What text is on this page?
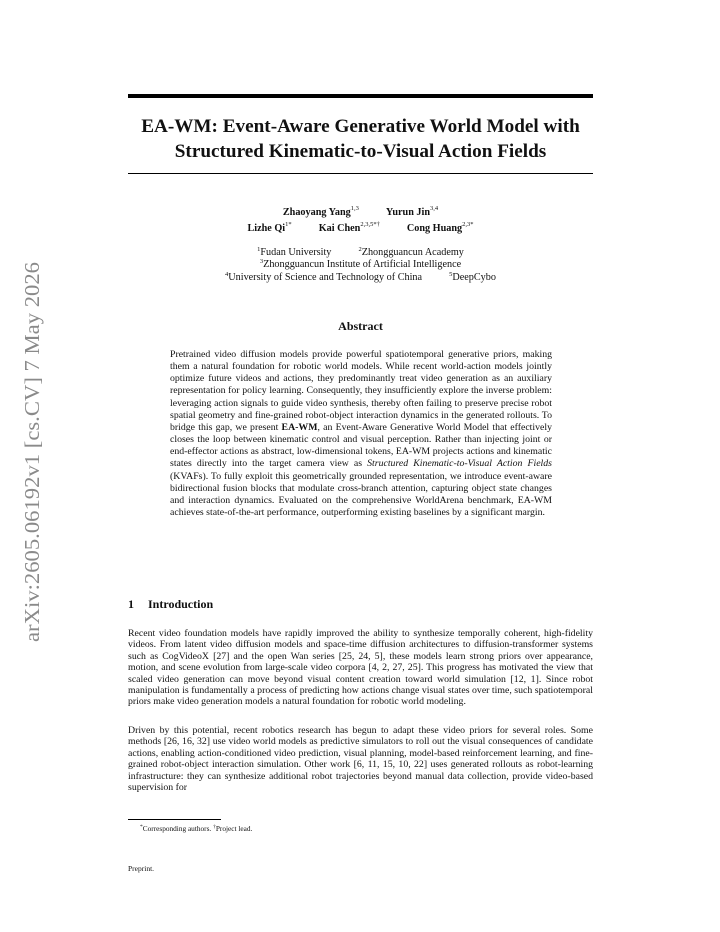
arXiv:2605.06192v1 [cs.CV] 7 May 2026
EA-WM: Event-Aware Generative World Model with
Structured Kinematic-to-Visual Action Fields
Zhaoyang Yang$^{1,3}$	Yurun Jin$^{3,4}$
Lizhe $Qi^{1*}$	Kai Chen$^{2,3,5*\dagger}$	Cong Huang$^{2,3*}$
$^1$Fudan University	$^2$Zhongguancun Academy
$^3$Zhongguancun Institute of Artificial Intelligence
$^4$University of Science and Technology of China	$^5$DeepCybo
Abstract

Pretrained video diffusion models provide powerful spatiotemporal generative priors, making them a natural foundation for robotic world models. While recent world-action models jointly optimize future videos and actions, they predominantly treat video generation as an auxiliary representation for policy learning. Consequently, they insufficiently explore the inverse problem: leveraging action signals to guide video synthesis, thereby often failing to preserve precise robot spatial geometry and fine-grained robot-object interaction dynamics in the generated rollouts. To bridge this gap, we present EA-WM, an Event-Aware Generative World Model that effectively closes the loop between kinematic control and visual perception. Rather than injecting joint or end-effector actions as abstract, low-dimensional tokens, EA-WM projects actions and kinematic states directly into the target camera view as Structured Kinematic-to-Visual Action Fields (KVAFs). To fully exploit this geometrically grounded representation, we introduce event-aware bidirectional fusion blocks that modulate cross-branch attention, capturing object state changes and interaction dynamics. Evaluated on the comprehensive WorldArena benchmark, EA-WM achieves state-of-the-art performance, outperforming existing baselines by a significant margin.

1 Introduction

Recent video foundation models have rapidly improved the ability to synthesize temporally coherent, high-fidelity videos. From latent video diffusion models and space-time diffusion architectures to diffusion-transformer systems such as CogVideoX [27] and the open Wan series [25, 24, 5], these models learn strong priors over appearance, motion, and scene evolution from large-scale video corpora [4, 2, 27, 25]. This progress has motivated the view that scaled video generation can move beyond visual content creation toward world simulation [12, 1]. Since robot manipulation is fundamentally a process of predicting how actions change visual states over time, such spatiotemporal priors make video generation models a natural foundation for robotic world modeling.

Driven by this potential, recent robotics research has begun to adapt these video priors for several roles. Some methods [26, 16, 32] use video world models as predictive simulators to roll out the visual consequences of candidate actions, enabling action-conditioned video prediction, visual planning, model-based reinforcement learning, and fine-grained robot-object interaction simulation. Other work [6, 11, 15, 10, 22] uses generated rollouts as robot-learning infrastructure: they can synthesize additional robot trajectories beyond manual data collection, provide video-based supervision for

*Corresponding authors. †Project lead.

Preprint.
